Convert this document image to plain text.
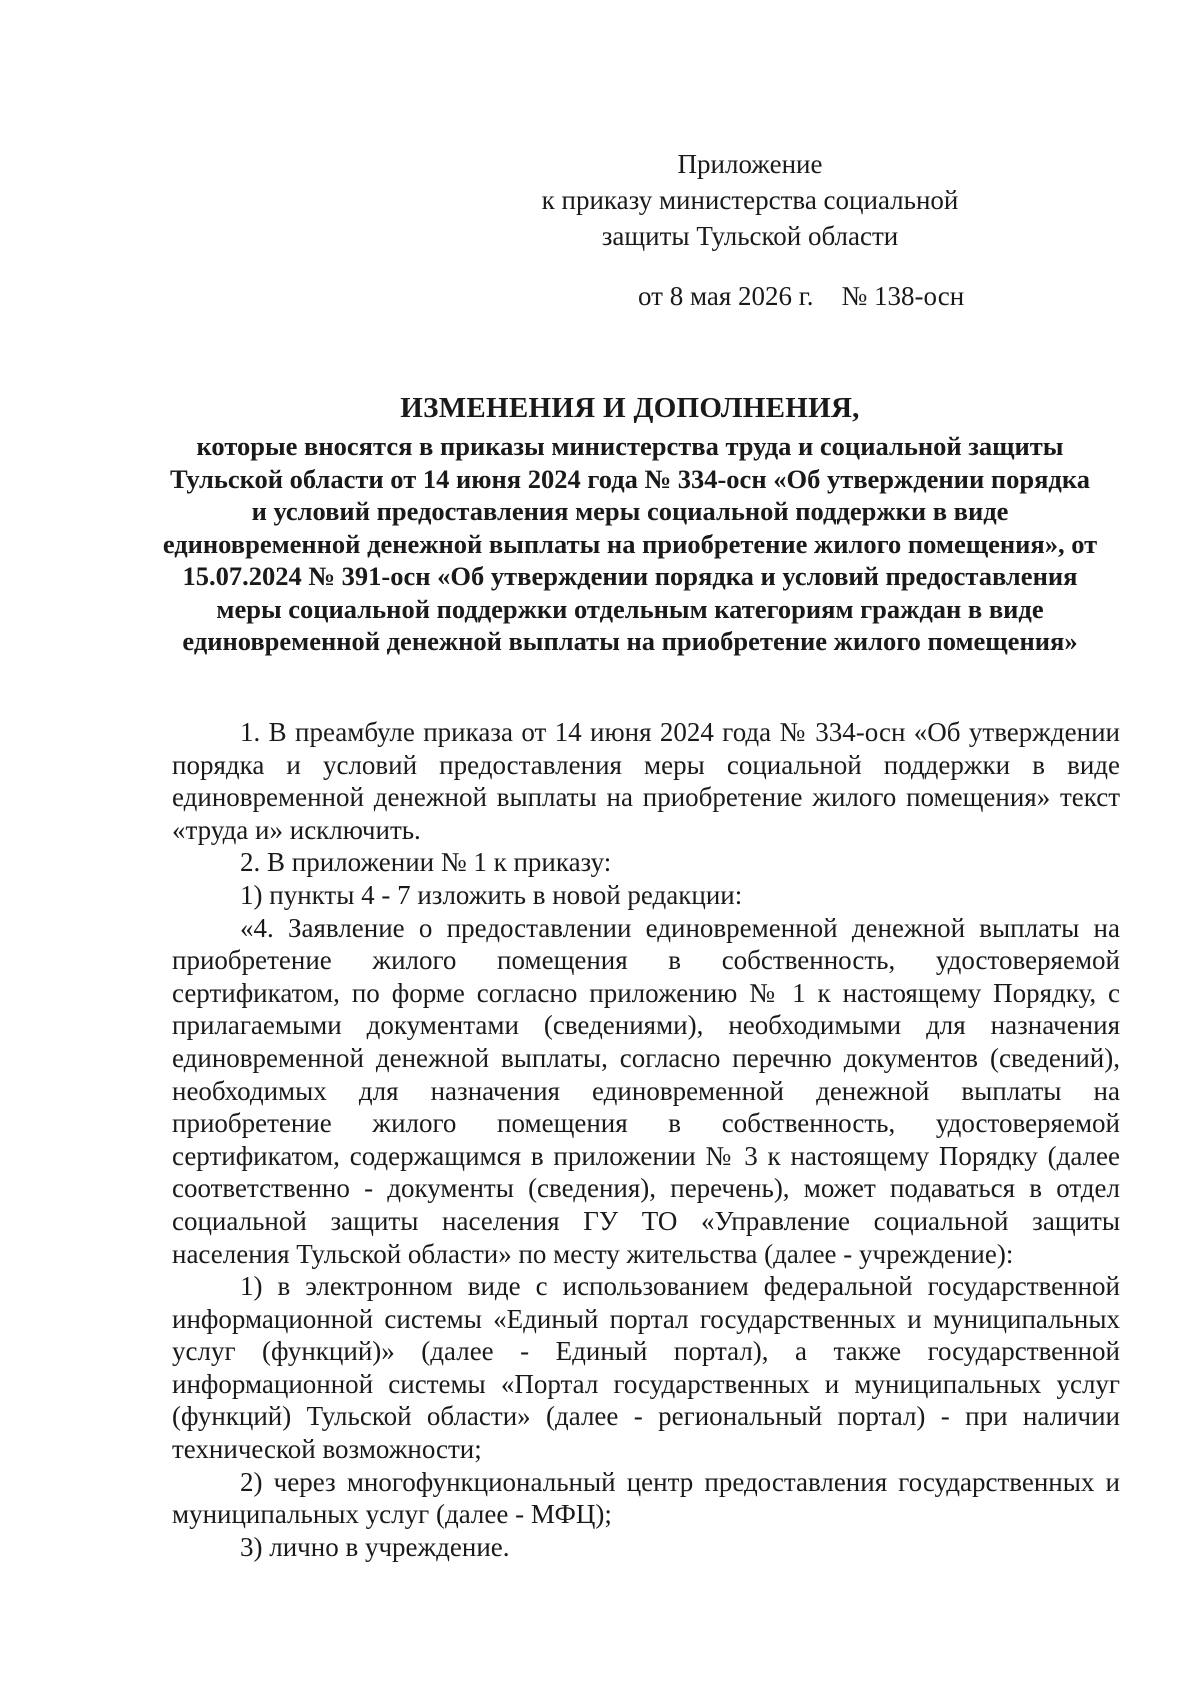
Приложение
к приказу министерства социальной
защиты Тульской области
от 8 мая 2026 г. № 138-осн
ИЗМЕНЕНИЯ И ДОПОЛНЕНИЯ,
которые вносятся в приказы министерства труда и социальной защиты Тульской области от 14 июня 2024 года № 334-осн «Об утверждении порядка и условий предоставления меры социальной поддержки в виде единовременной денежной выплаты на приобретение жилого помещения», от 15.07.2024 № 391-осн «Об утверждении порядка и условий предоставления меры социальной поддержки отдельным категориям граждан в виде единовременной денежной выплаты на приобретение жилого помещения»

1. В преамбуле приказа от 14 июня 2024 года № 334-осн «Об утверждении порядка и условий предоставления меры социальной поддержки в виде единовременной денежной выплаты на приобретение жилого помещения» текст «труда и» исключить.

2. В приложении № 1 к приказу:

1) пункты 4 - 7 изложить в новой редакции:

«4. Заявление о предоставлении единовременной денежной выплаты на приобретение жилого помещения в собственность, удостоверяемой сертификатом, по форме согласно приложению № 1 к настоящему Порядку, с прилагаемыми документами (сведениями), необходимыми для назначения единовременной денежной выплаты, согласно перечню документов (сведений), необходимых для назначения единовременной денежной выплаты на приобретение жилого помещения в собственность, удостоверяемой сертификатом, содержащимся в приложении № 3 к настоящему Порядку (далее соответственно - документы (сведения), перечень), может подаваться в отдел социальной защиты населения ГУ ТО «Управление социальной защиты населения Тульской области» по месту жительства (далее - учреждение):

1) в электронном виде с использованием федеральной государственной информационной системы «Единый портал государственных и муниципальных услуг (функций)» (далее - Единый портал), а также государственной информационной системы «Портал государственных и муниципальных услуг (функций) Тульской области» (далее - региональный портал) - при наличии технической возможности;

2) через многофункциональный центр предоставления государственных и муниципальных услуг (далее - МФЦ);

3) лично в учреждение.
